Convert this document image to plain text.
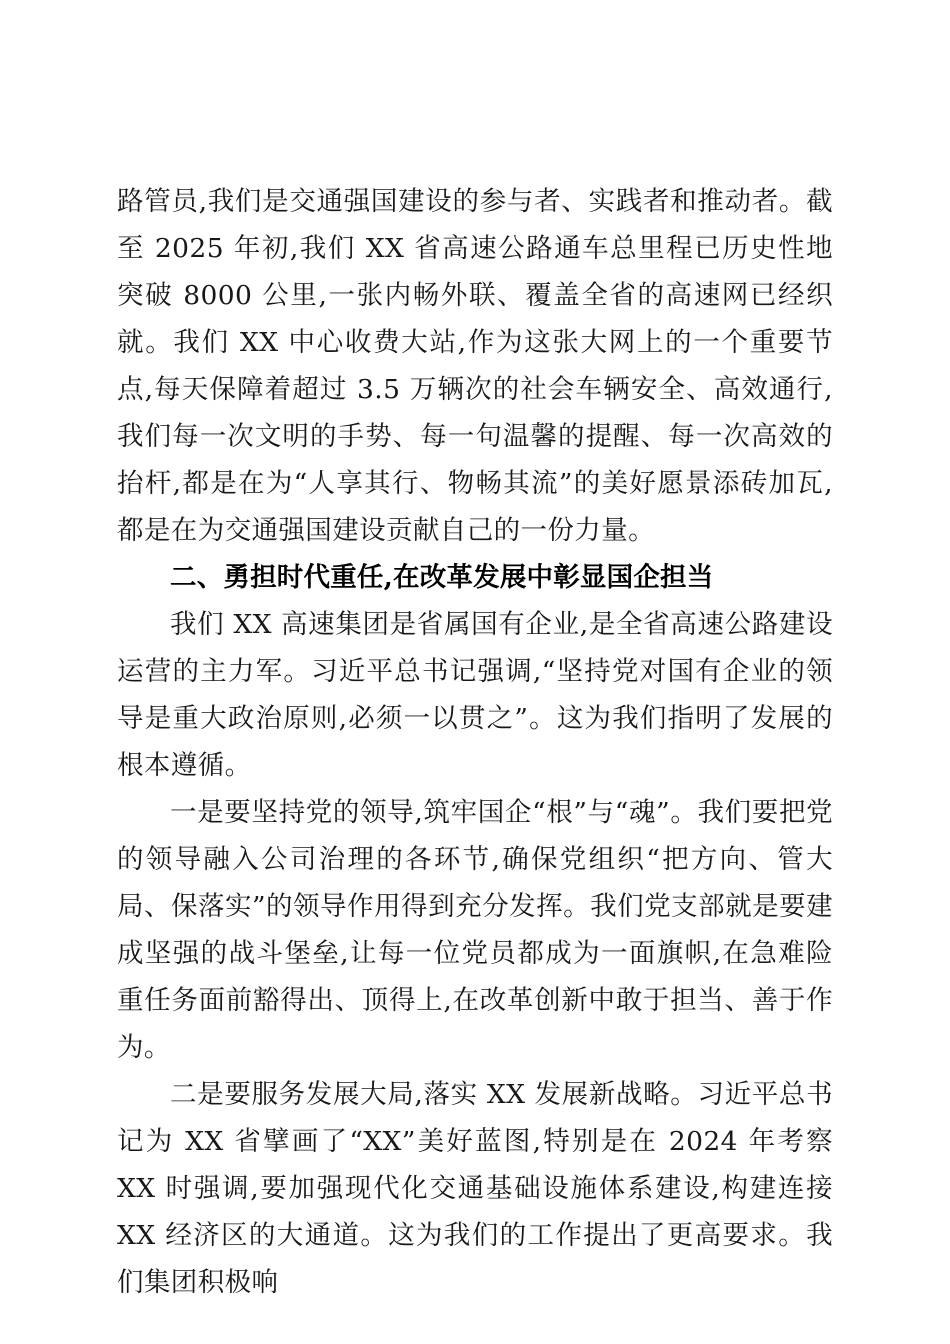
路管员,我们是交通强国建设的参与者、实践者和推动者。截至 2025 年初,我们 XX 省高速公路通车总里程已历史性地突破 8000 公里,一张内畅外联、覆盖全省的高速网已经织就。我们 XX 中心收费大站,作为这张大网上的一个重要节点,每天保障着超过 3.5 万辆次的社会车辆安全、高效通行,我们每一次文明的手势、每一句温馨的提醒、每一次高效的抬杆,都是在为“人享其行、物畅其流”的美好愿景添砖加瓦,都是在为交通强国建设贡献自己的一份力量。

二、勇担时代重任,在改革发展中彰显国企担当

我们 XX 高速集团是省属国有企业,是全省高速公路建设运营的主力军。习近平总书记强调,“坚持党对国有企业的领导是重大政治原则,必须一以贯之”。这为我们指明了发展的根本遵循。

一是要坚持党的领导,筑牢国企“根”与“魂”。我们要把党的领导融入公司治理的各环节,确保党组织“把方向、管大局、保落实”的领导作用得到充分发挥。我们党支部就是要建成坚强的战斗堡垒,让每一位党员都成为一面旗帜,在急难险重任务面前豁得出、顶得上,在改革创新中敢于担当、善于作为。

二是要服务发展大局,落实 XX 发展新战略。习近平总书记为 XX 省擘画了“XX”美好蓝图,特别是在 2024 年考察 XX 时强调,要加强现代化交通基础设施体系建设,构建连接 XX 经济区的大通道。这为我们的工作提出了更高要求。我们集团积极响
